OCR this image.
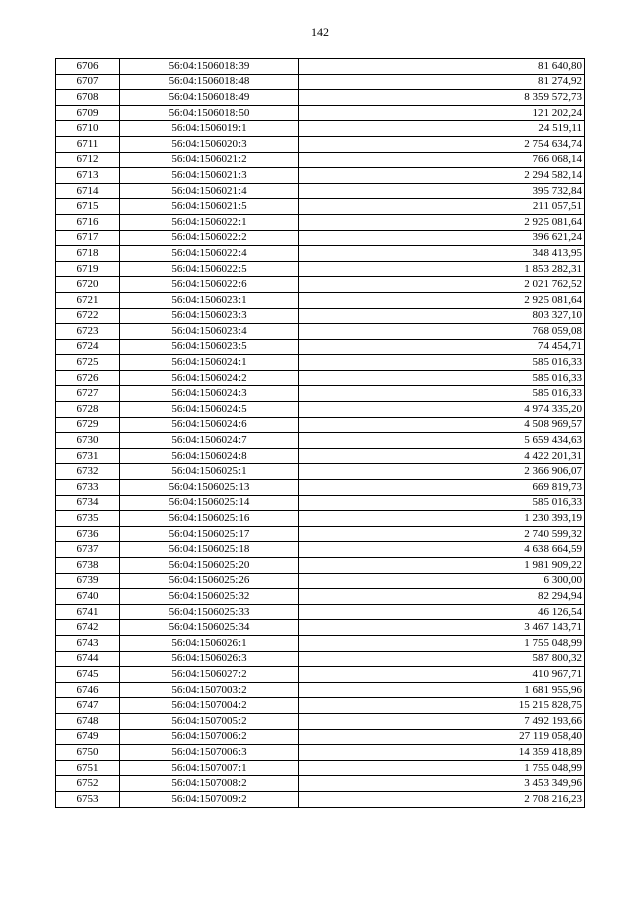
142
6706	56:04:1506018:39	81 640,80
6707	56:04:1506018:48	81 274,92
6708	56:04:1506018:49	8 359 572,73
6709	56:04:1506018:50	121 202,24
6710	56:04:1506019:1	24 519,11
6711	56:04:1506020:3	2 754 634,74
6712	56:04:1506021:2	766 068,14
6713	56:04:1506021:3	2 294 582,14
6714	56:04:1506021:4	395 732,84
6715	56:04:1506021:5	211 057,51
6716	56:04:1506022:1	2 925 081,64
6717	56:04:1506022:2	396 621,24
6718	56:04:1506022:4	348 413,95
6719	56:04:1506022:5	1 853 282,31
6720	56:04:1506022:6	2 021 762,52
6721	56:04:1506023:1	2 925 081,64
6722	56:04:1506023:3	803 327,10
6723	56:04:1506023:4	768 059,08
6724	56:04:1506023:5	74 454,71
6725	56:04:1506024:1	585 016,33
6726	56:04:1506024:2	585 016,33
6727	56:04:1506024:3	585 016,33
6728	56:04:1506024:5	4 974 335,20
6729	56:04:1506024:6	4 508 969,57
6730	56:04:1506024:7	5 659 434,63
6731	56:04:1506024:8	4 422 201,31
6732	56:04:1506025:1	2 366 906,07
6733	56:04:1506025:13	669 819,73
6734	56:04:1506025:14	585 016,33
6735	56:04:1506025:16	1 230 393,19
6736	56:04:1506025:17	2 740 599,32
6737	56:04:1506025:18	4 638 664,59
6738	56:04:1506025:20	1 981 909,22
6739	56:04:1506025:26	6 300,00
6740	56:04:1506025:32	82 294,94
6741	56:04:1506025:33	46 126,54
6742	56:04:1506025:34	3 467 143,71
6743	56:04:1506026:1	1 755 048,99
6744	56:04:1506026:3	587 800,32
6745	56:04:1506027:2	410 967,71
6746	56:04:1507003:2	1 681 955,96
6747	56:04:1507004:2	15 215 828,75
6748	56:04:1507005:2	7 492 193,66
6749	56:04:1507006:2	27 119 058,40
6750	56:04:1507006:3	14 359 418,89
6751	56:04:1507007:1	1 755 048,99
6752	56:04:1507008:2	3 453 349,96
6753	56:04:1507009:2	2 708 216,23
